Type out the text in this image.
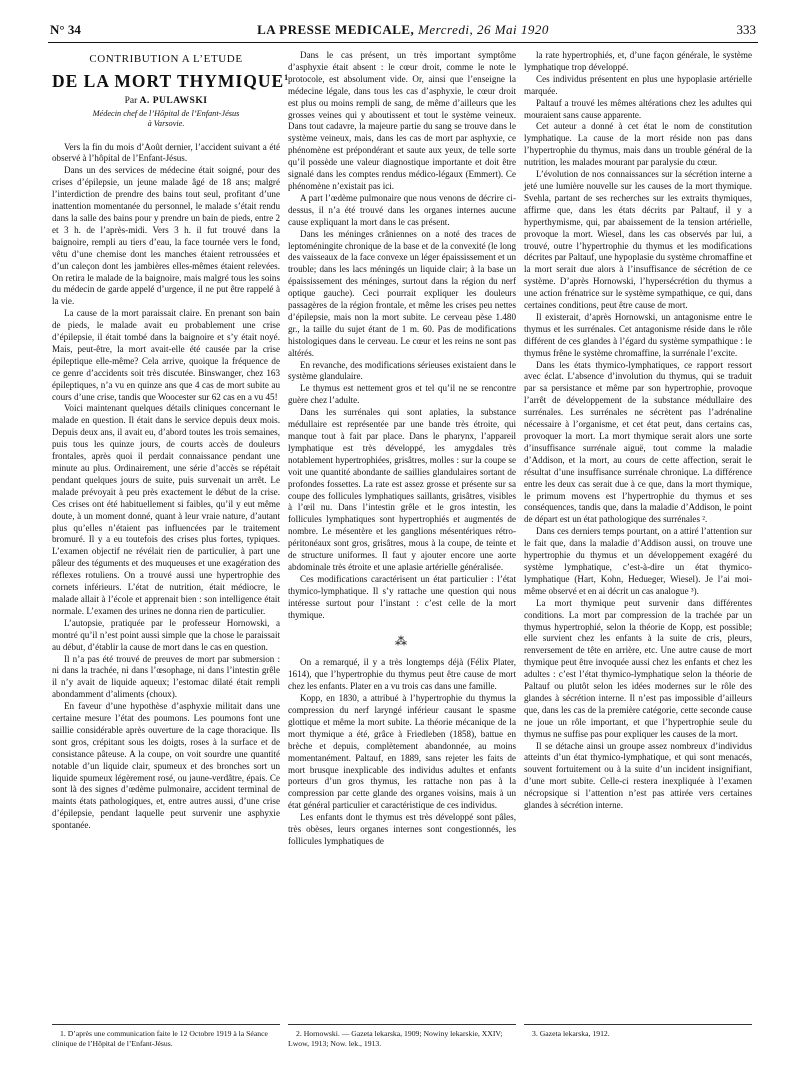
N° 34	LA PRESSE MEDICALE, Mercredi, 26 Mai 1920	333
CONTRIBUTION A L’ETUDE
DE LA MORT THYMIQUE$^1$
Par A. PULAWSKI
Médecin chef de l’Hôpital de l’Enfant-Jésus
à Varsovie.

Vers la fin du mois d’Août dernier, l’accident suivant a été observé à l’hôpital de l’Enfant-Jésus.

Dans un des services de médecine était soigné, pour des crises d’épilepsie, un jeune malade âgé de 18 ans; malgré l’interdiction de prendre des bains tout seul, profitant d’une inattention momentanée du personnel, le malade s’était rendu dans la salle des bains pour y prendre un bain de pieds, entre 2 et 3 h. de l’après-midi. Vers 3 h. il fut trouvé dans la baignoire, rempli au tiers d’eau, la face tournée vers le fond, vêtu d’une chemise dont les manches étaient retroussées et d’un caleçon dont les jambières elles-mêmes étaient relevées. On retira le malade de la baignoire, mais malgré tous les soins du médecin de garde appelé d’urgence, il ne put être rappelé à la vie.

La cause de la mort paraissait claire. En prenant son bain de pieds, le malade avait eu probablement une crise d’épilepsie, il était tombé dans la baignoire et s’y était noyé. Mais, peut-être, la mort avait-elle été causée par la crise épileptique elle-même? Cela arrive, quoique la fréquence de ce genre d’accidents soit très discutée. Binswanger, chez 163 épileptiques, n’a vu en quinze ans que 4 cas de mort subite au cours d’une crise, tandis que Woocester sur 62 cas en a vu 45!

Voici maintenant quelques détails cliniques concernant le malade en question. Il était dans le service depuis deux mois. Depuis deux ans, il avait eu, d’abord toutes les trois semaines, puis tous les quinze jours, de courts accès de douleurs frontales, après quoi il perdait connaissance pendant une minute au plus. Ordinairement, une série d’accès se répétait pendant quelques jours de suite, puis survenait un arrêt. Le malade prévoyait à peu près exactement le début de la crise. Ces crises ont été habituellement si faibles, qu’il y eut même doute, à un moment donné, quant à leur vraie nature, d’autant plus qu’elles n’étaient pas influencées par le traitement bromuré. Il y a eu toutefois des crises plus fortes, typiques. L’examen objectif ne révélait rien de particulier, à part une pâleur des téguments et des muqueuses et une exagération des réflexes rotuliens. On a trouvé aussi une hypertrophie des cornets inférieurs. L’état de nutrition, était médiocre, le malade allait à l’école et apprenait bien : son intelligence était normale. L’examen des urines ne donna rien de particulier.

L’autopsie, pratiquée par le professeur Hornowski, a montré qu’il n’est point aussi simple que la chose le paraissait au début, d’établir la cause de mort dans le cas en question.

Il n’a pas été trouvé de preuves de mort par submersion : ni dans la trachée, ni dans l’œsophage, ni dans l’intestin grêle il n’y avait de liquide aqueux; l’estomac dilaté était rempli abondamment d’aliments (choux).

En faveur d’une hypothèse d’asphyxie militait dans une certaine mesure l’état des poumons. Les poumons font une saillie considérable après ouverture de la cage thoracique. Ils sont gros, crépitant sous les doigts, roses à la surface et de consistance pâteuse. A la coupe, on voit sourdre une quantité notable d’un liquide clair, spumeux et des bronches sort un liquide spumeux légèrement rosé, ou jaune-verdâtre, épais. Ce sont là des signes d’œdème pulmonaire, accident terminal de maints états pathologiques, et, entre autres aussi, d’une crise d’épilepsie, pendant laquelle peut survenir une asphyxie spontanée.

Dans le cas présent, un très important symptôme d’asphyxie était absent : le cœur droit, comme le note le protocole, est absolument vide. Or, ainsi que l’enseigne la médecine légale, dans tous les cas d’asphyxie, le cœur droit est plus ou moins rempli de sang, de même d’ailleurs que les grosses veines qui y aboutissent et tout le système veineux. Dans tout cadavre, la majeure partie du sang se trouve dans le système veineux, mais, dans les cas de mort par asphyxie, ce phénomène est prépondérant et saute aux yeux, de telle sorte qu’il possède une valeur diagnostique importante et doit être signalé dans les comptes rendus médico-légaux (Emmert). Ce phénomène n’existait pas ici.

A part l’œdème pulmonaire que nous venons de décrire ci-dessus, il n’a été trouvé dans les organes internes aucune cause expliquant la mort dans le cas présent.

Dans les méninges crâniennes on a noté des traces de leptoméningite chronique de la base et de la convexité (le long des vaisseaux de la face convexe un léger épaississement et un trouble; dans les lacs méningés un liquide clair; à la base un épaississement des méninges, surtout dans la région du nerf optique gauche). Ceci pourrait expliquer les douleurs passagères de la région frontale, et même les crises peu nettes d’épilepsie, mais non la mort subite. Le cerveau pèse 1.480 gr., la taille du sujet étant de 1 m. 60. Pas de modifications histologiques dans le cerveau. Le cœur et les reins ne sont pas altérés.

En revanche, des modifications sérieuses existaient dans le système glandulaire.

Le thymus est nettement gros et tel qu’il ne se rencontre guère chez l’adulte.

Dans les surrénales qui sont aplaties, la substance médullaire est représentée par une bande très étroite, qui manque tout à fait par place. Dans le pharynx, l’appareil lymphatique est très développé, les amygdales très notablement hypertrophiées, grisâtres, molles : sur la coupe se voit une quantité abondante de saillies glandulaires sortant de profondes fossettes. La rate est assez grosse et présente sur sa coupe des follicules lymphatiques saillants, grisâtres, visibles à l’œil nu. Dans l’intestin grêle et le gros intestin, les follicules lymphatiques sont hypertrophiés et augmentés de nombre. Le mésentère et les ganglions mésentériques rétro-péritonéaux sont gros, grisâtres, mous à la coupe, de teinte et de structure uniformes. Il faut y ajouter encore une aorte abdominale très étroite et une aplasie artérielle généralisée.

Ces modifications caractérisent un état particulier : l’état thymico-lymphatique. Il s’y rattache une question qui nous intéresse surtout pour l’instant : c’est celle de la mort thymique.

⁂

On a remarqué, il y a très longtemps déjà (Félix Plater, 1614), que l’hypertrophie du thymus peut être cause de mort chez les enfants. Plater en a vu trois cas dans une famille.

Kopp, en 1830, a attribué à l’hypertrophie du thymus la compression du nerf laryngé inférieur causant le spasme glottique et même la mort subite. La théorie mécanique de la mort thymique a été, grâce à Friedleben (1858), battue en brèche et depuis, complètement abandonnée, au moins momentanément. Paltauf, en 1889, sans rejeter les faits de mort brusque inexplicable des individus adultes et enfants porteurs d’un gros thymus, les rattache non pas à la compression par cette glande des organes voisins, mais à un état général particulier et caractéristique de ces individus.

Les enfants dont le thymus est très développé sont pâles, très obèses, leurs organes internes sont congestionnés, les follicules lymphatiques de

la rate hypertrophiés, et, d’une façon générale, le système lymphatique trop développé.

Ces individus présentent en plus une hypoplasie artérielle marquée.

Paltauf a trouvé les mêmes altérations chez les adultes qui mouraient sans cause apparente.

Cet auteur a donné à cet état le nom de constitution lymphatique. La cause de la mort réside non pas dans l’hypertrophie du thymus, mais dans un trouble général de la nutrition, les malades mourant par paralysie du cœur.

L’évolution de nos connaissances sur la sécrétion interne a jeté une lumière nouvelle sur les causes de la mort thymique. Svehla, partant de ses recherches sur les extraits thymiques, affirme que, dans les états décrits par Paltauf, il y a hyperthymisme, qui, par abaissement de la tension artérielle, provoque la mort. Wiesel, dans les cas observés par lui, a trouvé, outre l’hypertrophie du thymus et les modifications décrites par Paltauf, une hypoplasie du système chromaffine et la mort serait due alors à l’insuffisance de sécrétion de ce système. D’après Hornowski, l’hypersécrétion du thymus a une action frénatrice sur le système sympathique, ce qui, dans certaines conditions, peut être cause de mort.

Il existerait, d’après Hornowski, un antagonisme entre le thymus et les surrénales. Cet antagonisme réside dans le rôle différent de ces glandes à l’égard du système sympathique : le thymus frêne le système chromaffine, la surrénale l’excite.

Dans les états thymico-lymphatiques, ce rapport ressort avec éclat. L’absence d’involution du thymus, qui se traduit par sa persistance et même par son hypertrophie, provoque l’arrêt de développement de la substance médullaire des surrénales. Les surrénales ne sécrètent pas l’adrénaline nécessaire à l’organisme, et cet état peut, dans certains cas, provoquer la mort. La mort thymique serait alors une sorte d’insuffisance surrénale aiguë, tout comme la maladie d’Addison, et la mort, au cours de cette affection, serait le résultat d’une insuffisance surrénale chronique. La différence entre les deux cas serait due à ce que, dans la mort thymique, le primum movens est l’hypertrophie du thymus et ses conséquences, tandis que, dans la maladie d’Addison, le point de départ est un état pathologique des surrénales ².

Dans ces derniers temps pourtant, on a attiré l’attention sur le fait que, dans la maladie d’Addison aussi, on trouve une hypertrophie du thymus et un développement exagéré du système lymphatique, c’est-à-dire un état thymico-lymphatique (Hart, Kohn, Hedueger, Wiesel). Je l’ai moi-même observé et en ai décrit un cas analogue ³).

La mort thymique peut survenir dans différentes conditions. La mort par compression de la trachée par un thymus hypertrophié, selon la théorie de Kopp, est possible; elle survient chez les enfants à la suite de cris, pleurs, renversement de tête en arrière, etc. Une autre cause de mort thymique peut être invoquée aussi chez les enfants et chez les adultes : c’est l’état thymico-lymphatique selon la théorie de Paltauf ou plutôt selon les idées modernes sur le rôle des glandes à sécrétion interne. Il n’est pas impossible d’ailleurs que, dans les cas de la première catégorie, cette seconde cause ne joue un rôle important, et que l’hypertrophie seule du thymus ne suffise pas pour expliquer les causes de la mort.

Il se détache ainsi un groupe assez nombreux d’individus atteints d’un état thymico-lymphatique, et qui sont menacés, souvent fortuitement ou à la suite d’un incident insignifiant, d’une mort subite. Celle-ci restera inexpliquée à l’examen nécropsique si l’attention n’est pas attirée vers certaines glandes à sécrétion interne.

1. D’après une communication faite le 12 Octobre 1919 à la Séance clinique de l’Hôpital de l’Enfant-Jésus.

2. Hornowski. — Gazeta lekarska, 1909; Nowiny lekarskie, XXIV; Lwow, 1913; Now. lek., 1913.

3. Gazeta lekarska, 1912.
